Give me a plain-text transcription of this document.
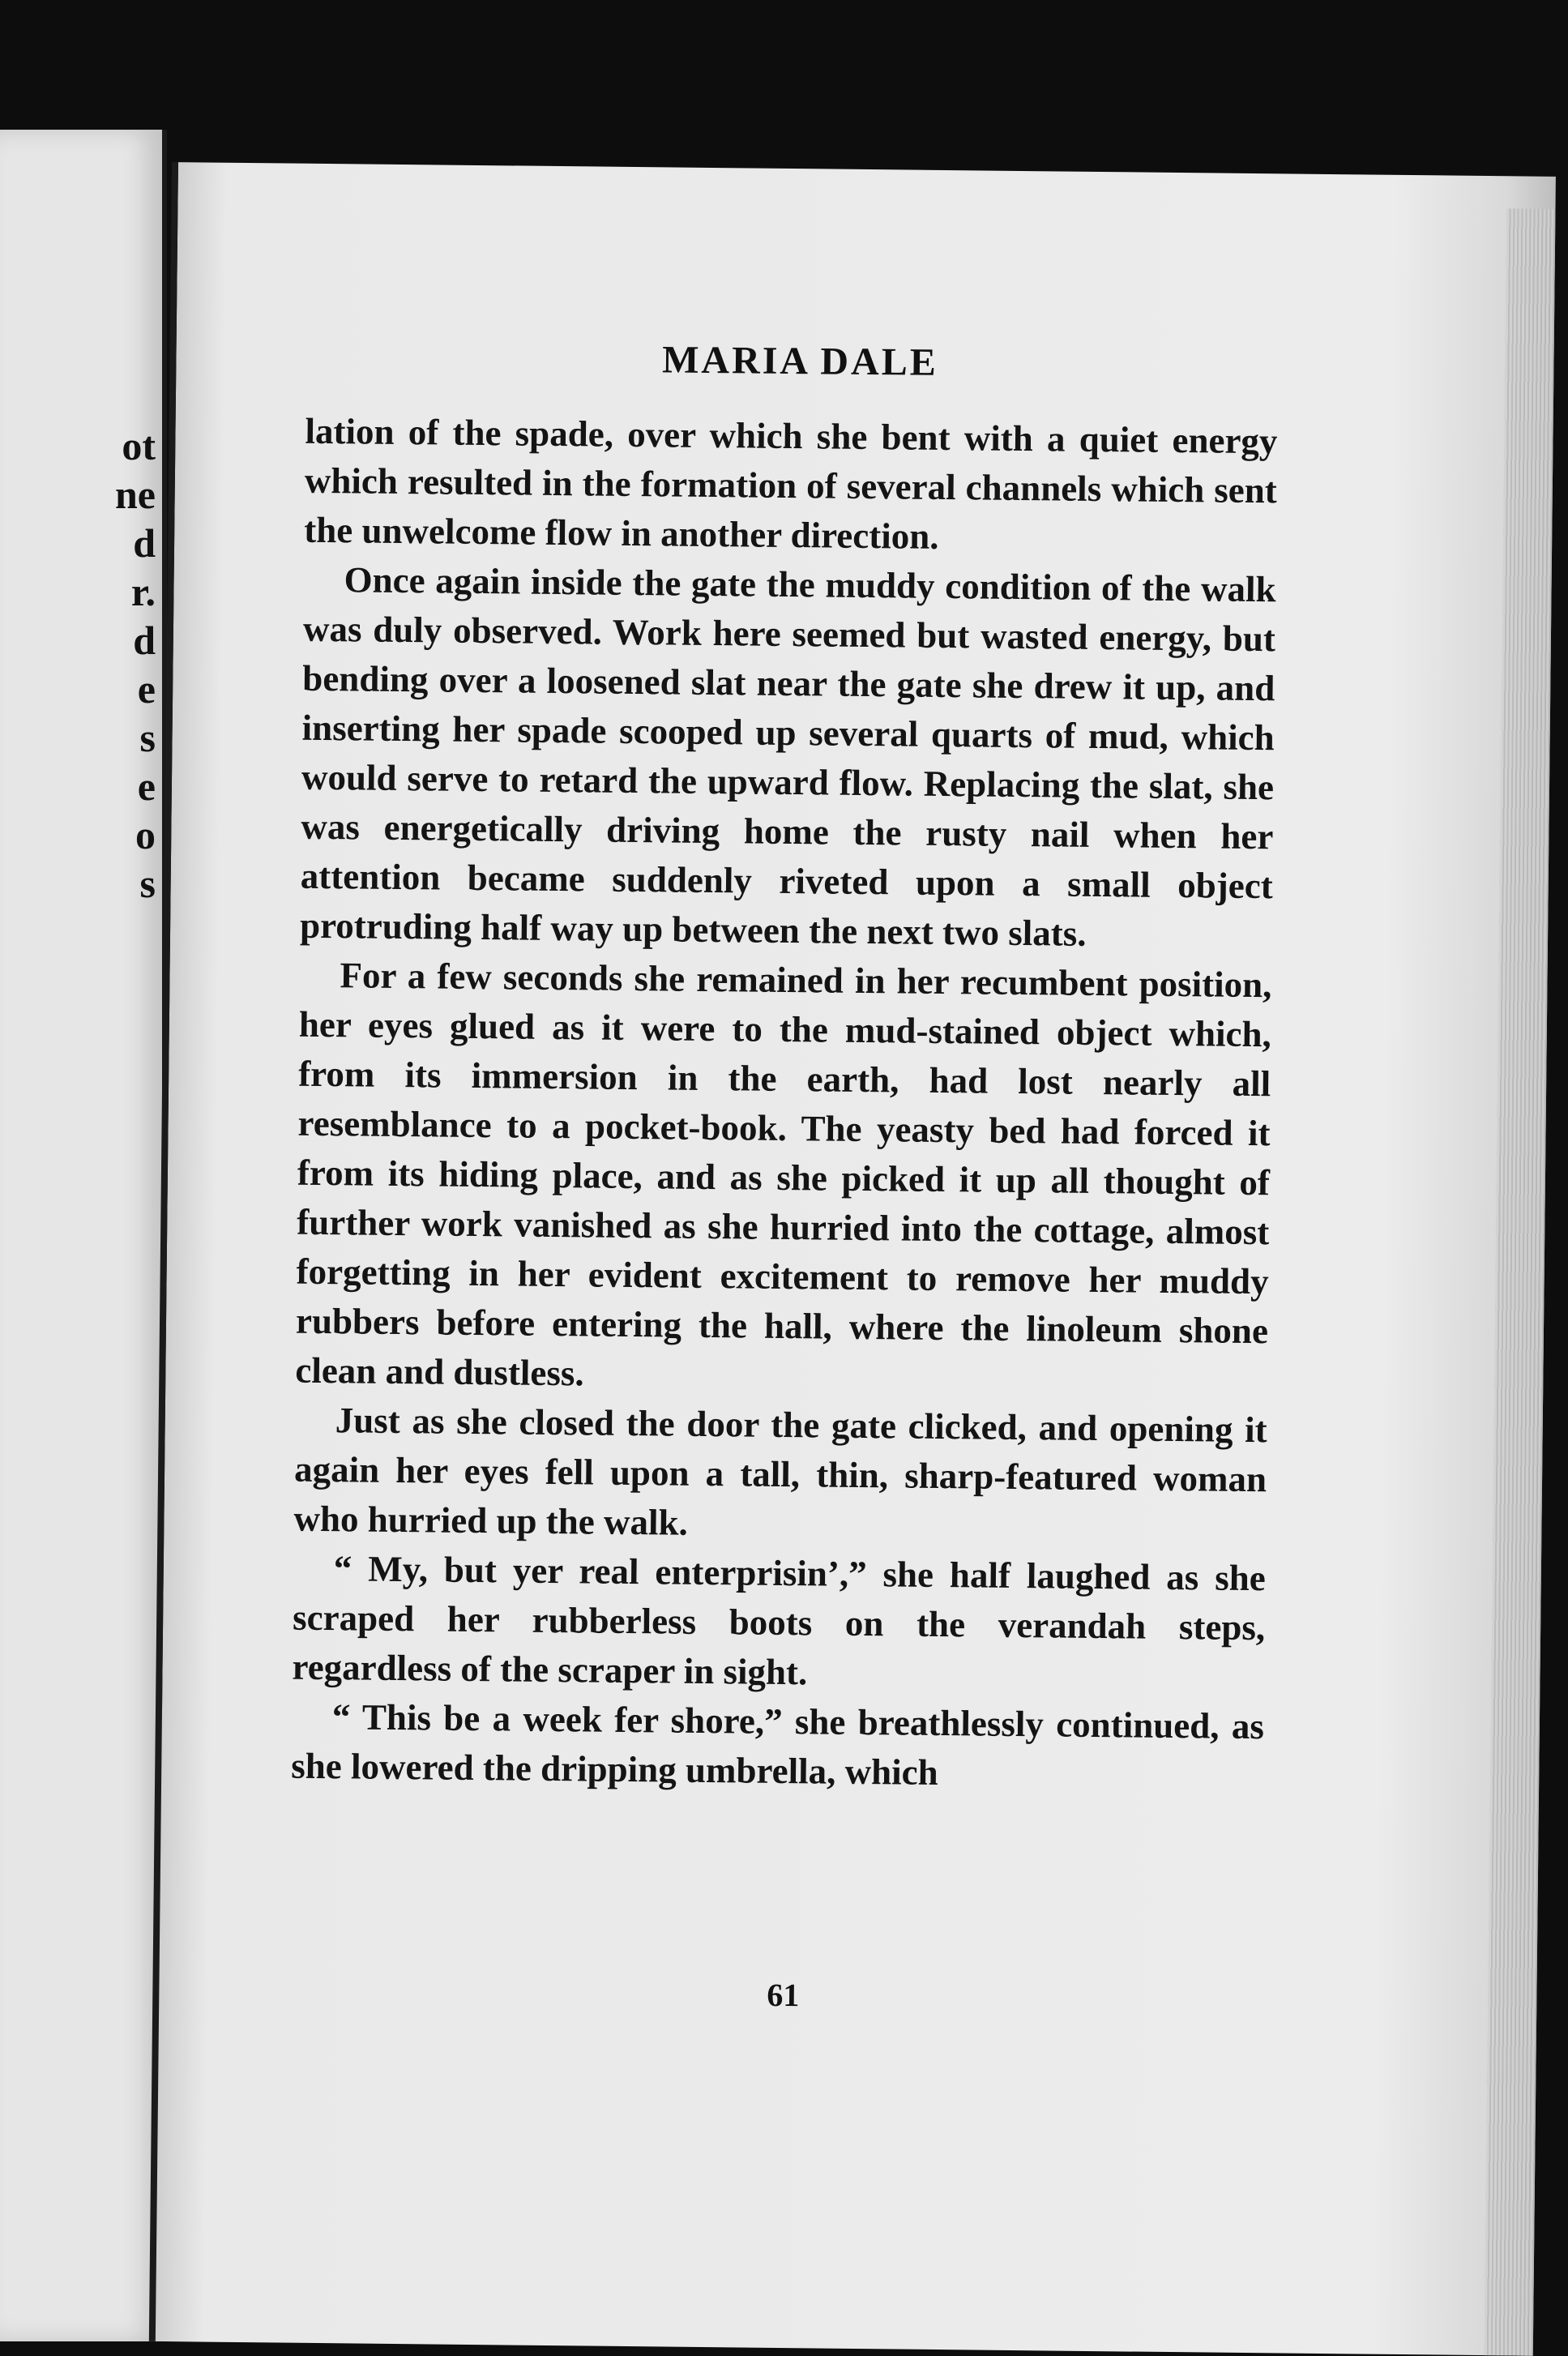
ot
ne
d
r.
d
e
s
e
o
s
MARIA DALE

lation of the spade, over which she bent with a quiet energy which resulted in the formation of several channels which sent the unwelcome flow in another direction.

Once again inside the gate the muddy condition of the walk was duly observed. Work here seemed but wasted energy, but bending over a loosened slat near the gate she drew it up, and inserting her spade scooped up several quarts of mud, which would serve to retard the upward flow. Replacing the slat, she was energetically driving home the rusty nail when her attention became suddenly riveted upon a small object protruding half way up between the next two slats.

For a few seconds she remained in her recumbent position, her eyes glued as it were to the mud-stained object which, from its immersion in the earth, had lost nearly all resemblance to a pocket-book. The yeasty bed had forced it from its hiding place, and as she picked it up all thought of further work vanished as she hurried into the cottage, almost forgetting in her evident excitement to remove her muddy rubbers before entering the hall, where the linoleum shone clean and dustless.

Just as she closed the door the gate clicked, and opening it again her eyes fell upon a tall, thin, sharp-featured woman who hurried up the walk.

“ My, but yer real enterprisin’,” she half laughed as she scraped her rubberless boots on the verandah steps, regardless of the scraper in sight.

“ This be a week fer shore,” she breathlessly continued, as she lowered the dripping umbrella, which

61
